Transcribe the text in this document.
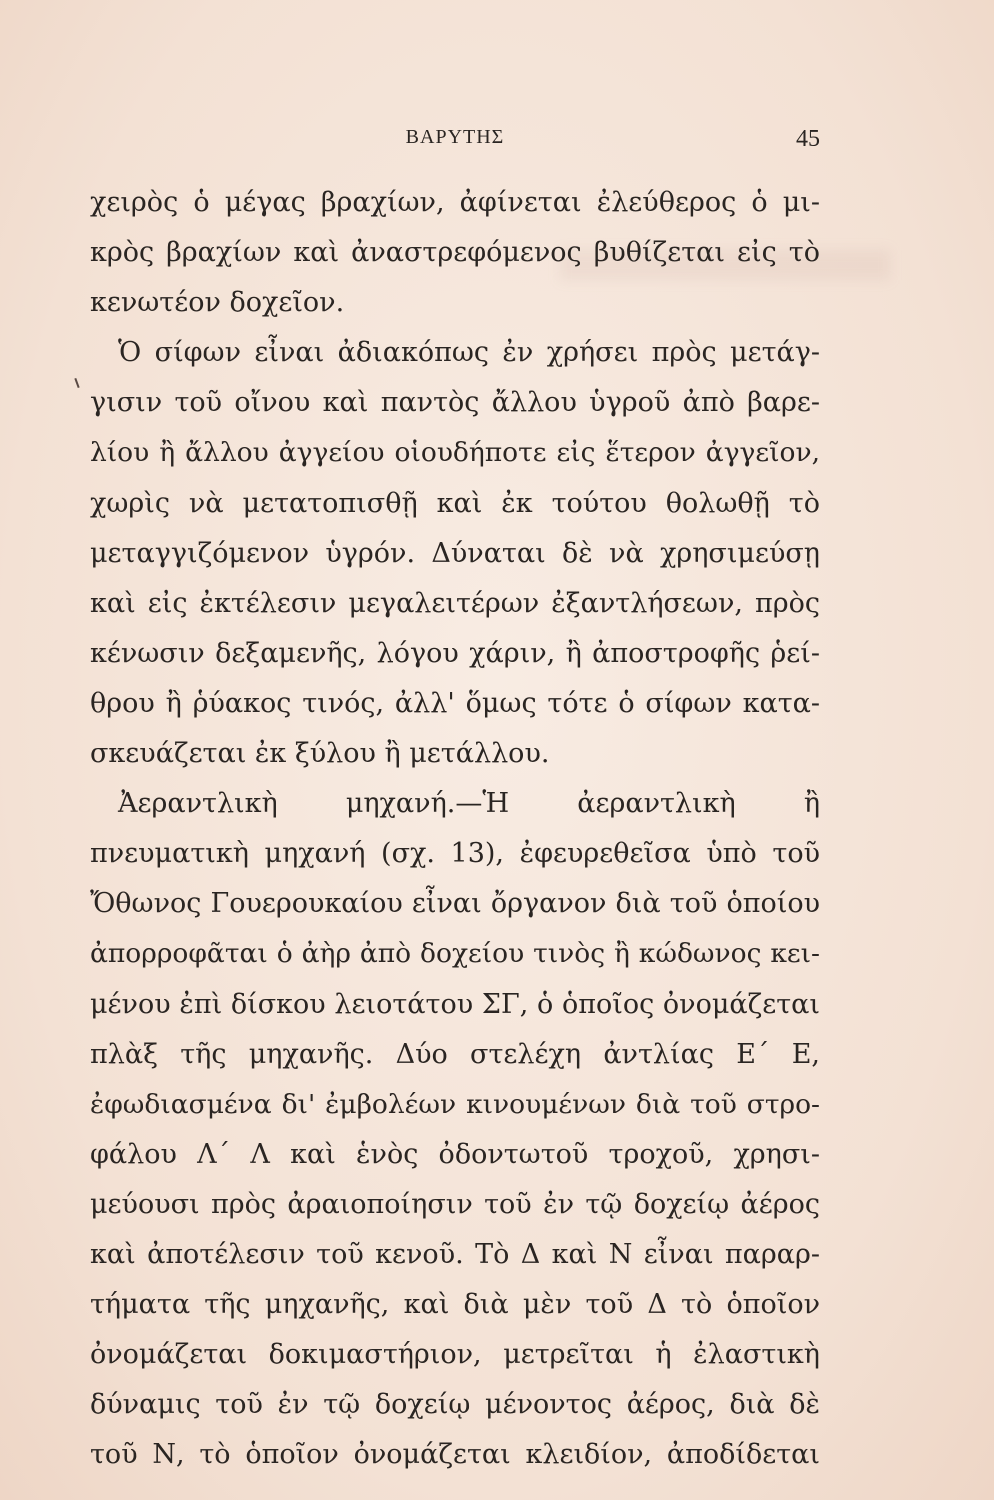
ΒΑΡΥΤΗΣ	45
χειρὸς ὁ μέγας βραχίων, ἀφίνεται ἐλεύθερος ὁ μι-
κρὸς βραχίων καὶ ἀναστρεφόμενος βυθίζεται εἰς τὸ
κενωτέον δοχεῖον.
Ὁ σίφων εἶναι ἀδιακόπως ἐν χρήσει πρὸς μετάγ-
γισιν τοῦ οἴνου καὶ παντὸς ἄλλου ὑγροῦ ἀπὸ βαρε-
λίου ἢ ἄλλου ἀγγείου οἱουδήποτε εἰς ἕτερον ἀγγεῖον,
χωρὶς νὰ μετατοπισθῇ καὶ ἐκ τούτου θολωθῇ τὸ
μεταγγιζόμενον ὑγρόν. Δύναται δὲ νὰ χρησιμεύσῃ
καὶ εἰς ἐκτέλεσιν μεγαλειτέρων ἐξαντλήσεων, πρὸς
κένωσιν δεξαμενῆς, λόγου χάριν, ἢ ἀποστροφῆς ῥεί-
θρου ἢ ῥύακος τινός, ἀλλ' ὅμως τότε ὁ σίφων κατα-
σκευάζεται ἐκ ξύλου ἢ μετάλλου.
Ἀεραντλικὴ μηχανή.—Ἡ ἀεραντλικὴ ἢ
πνευματικὴ μηχανή (σχ. 13), ἐφευρεθεῖσα ὑπὸ τοῦ
Ὄθωνος Γουερουκαίου εἶναι ὄργανον διὰ τοῦ ὁποίου
ἀπορροφᾶται ὁ ἀὴρ ἀπὸ δοχείου τινὸς ἢ κώδωνος κει-
μένου ἐπὶ δίσκου λειοτάτου ΣΓ, ὁ ὁποῖος ὀνομάζεται
πλὰξ τῆς μηχανῆς. Δύο στελέχη ἀντλίας Ε΄ Ε,
ἐφωδιασμένα δι' ἐμβολέων κινουμένων διὰ τοῦ στρο-
φάλου Λ΄ Λ καὶ ἑνὸς ὀδοντωτοῦ τροχοῦ, χρησι-
μεύουσι πρὸς ἀραιοποίησιν τοῦ ἐν τῷ δοχείῳ ἀέρος
καὶ ἀποτέλεσιν τοῦ κενοῦ. Τὸ Δ καὶ Ν εἶναι παραρ-
τήματα τῆς μηχανῆς, καὶ διὰ μὲν τοῦ Δ τὸ ὁποῖον
ὀνομάζεται δοκιμαστήριον, μετρεῖται ἡ ἐλαστικὴ
δύναμις τοῦ ἐν τῷ δοχείῳ μένοντος ἀέρος, διὰ δὲ
τοῦ Ν, τὸ ὁποῖον ὀνομάζεται κλειδίον, ἀποδίδεται
